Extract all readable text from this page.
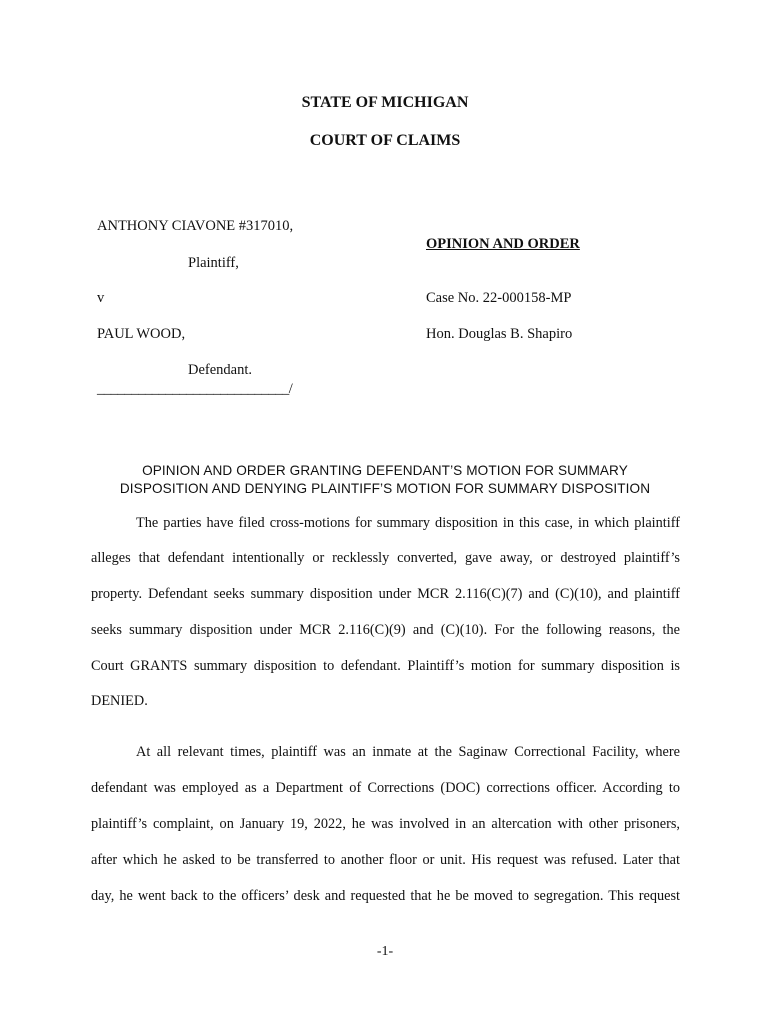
STATE OF MICHIGAN
COURT OF CLAIMS
ANTHONY CIAVONE #317010,
Plaintiff,
v
PAUL WOOD,
Defendant.
____________________________/
OPINION AND ORDER
Case No. 22-000158-MP
Hon. Douglas B. Shapiro
OPINION AND ORDER GRANTING DEFENDANT’S MOTION FOR SUMMARY
DISPOSITION AND DENYING PLAINTIFF’S MOTION FOR SUMMARY DISPOSITION
The parties have filed cross-motions for summary disposition in this case, in which plaintiff
alleges that defendant intentionally or recklessly converted, gave away, or destroyed plaintiff’s
property. Defendant seeks summary disposition under MCR 2.116(C)(7) and (C)(10), and plaintiff
seeks summary disposition under MCR 2.116(C)(9) and (C)(10). For the following reasons, the
Court GRANTS summary disposition to defendant. Plaintiff’s motion for summary disposition is
DENIED.
At all relevant times, plaintiff was an inmate at the Saginaw Correctional Facility, where
defendant was employed as a Department of Corrections (DOC) corrections officer. According to
plaintiff’s complaint, on January 19, 2022, he was involved in an altercation with other prisoners,
after which he asked to be transferred to another floor or unit. His request was refused. Later that
day, he went back to the officers’ desk and requested that he be moved to segregation. This request
-1-
